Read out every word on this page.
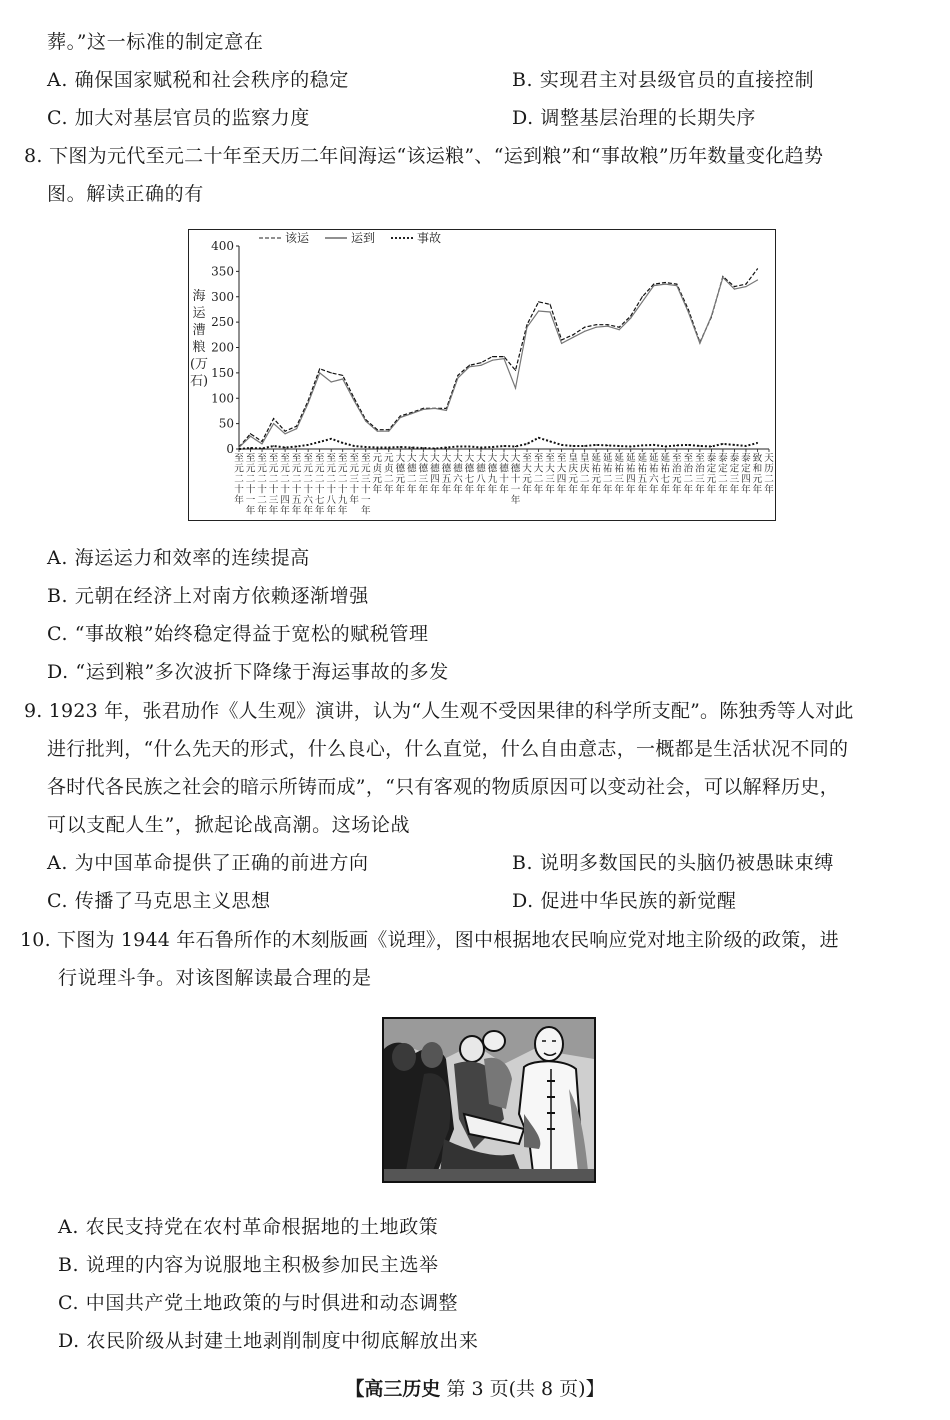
葬。”这一标准的制定意在
A. 确保国家赋税和社会秩序的稳定	B. 实现君主对县级官员的直接控制
C. 加大对基层官员的监察力度	D. 调整基层治理的长期失序
8. 下图为元代至元二十年至天历二年间海运“该运粮”、“运到粮”和“事故粮”历年数量变化趋势
图。解读正确的有
0
50
100
150
200
250
300
350
400
海
运
漕
粮
(万
石)
该运	运到	事故
至元二十年
至元二十一年
至元二十二年
至元二十三年
至元二十四年
至元二十五年
至元二十六年
至元二十七年
至元二十八年
至元二十九年
至元三十年
至元三十一年
元贞元年
元贞二年
大德元年
大德二年
大德三年
大德四年
大德五年
大德六年
大德七年
大德八年
大德九年
大德十年
大德十一年
至大元年
至大二年
至大三年
至大四年
皇庆元年
皇庆二年
延祐元年
延祐二年
延祐三年
延祐四年
延祐五年
延祐六年
延祐七年
至治元年
至治二年
至治三年
泰定元年
泰定二年
泰定三年
泰定四年
致和元年
天历二年
A. 海运运力和效率的连续提高
B. 元朝在经济上对南方依赖逐渐增强
C. “事故粮”始终稳定得益于宽松的赋税管理
D. “运到粮”多次波折下降缘于海运事故的多发
9. 1923 年，张君劢作《人生观》演讲，认为“人生观不受因果律的科学所支配”。陈独秀等人对此
进行批判，“什么先天的形式，什么良心，什么直觉，什么自由意志，一概都是生活状况不同的
各时代各民族之社会的暗示所铸而成”，“只有客观的物质原因可以变动社会，可以解释历史，
可以支配人生”，掀起论战高潮。这场论战
A. 为中国革命提供了正确的前进方向	B. 说明多数国民的头脑仍被愚昧束缚
C. 传播了马克思主义思想	D. 促进中华民族的新觉醒
10. 下图为 1944 年石鲁所作的木刻版画《说理》，图中根据地农民响应党对地主阶级的政策，进
行说理斗争。对该图解读最合理的是
A. 农民支持党在农村革命根据地的土地政策
B. 说理的内容为说服地主积极参加民主选举
C. 中国共产党土地政策的与时俱进和动态调整
D. 农民阶级从封建土地剥削制度中彻底解放出来
【高三历史 第 3 页(共 8 页)】
